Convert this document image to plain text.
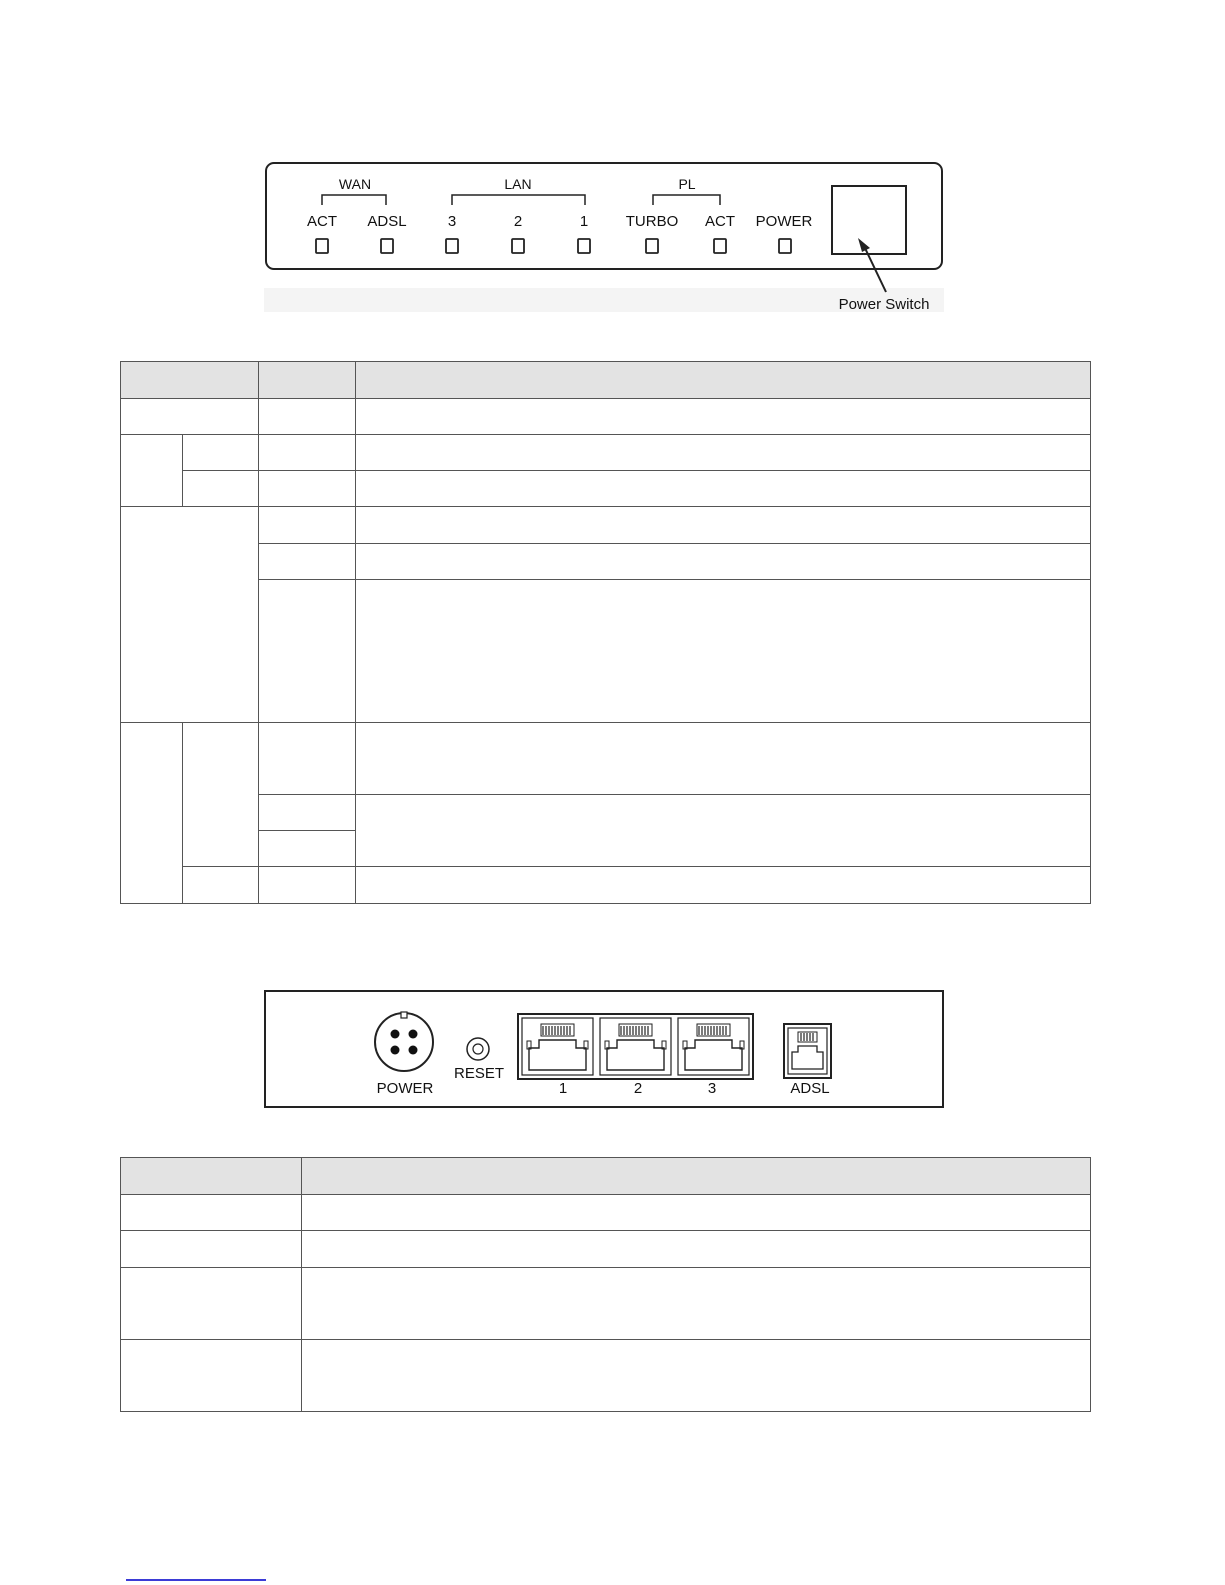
WAN
ACT ADSL
LAN
3	2	1
PL
TURBO ACT POWER
Power Switch

POWER
RESET
1	2	3	ADSL
